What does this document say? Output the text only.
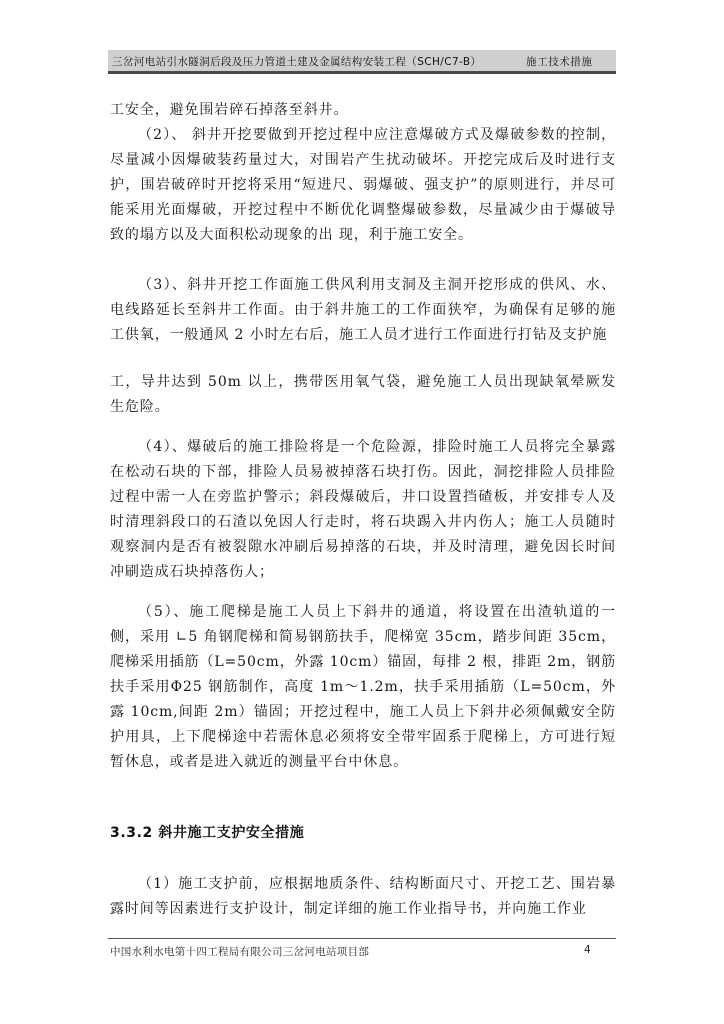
三岔河电站引水隧洞后段及压力管道土建及金属结构安装工程（SCH/C7-B）	施工技术措施

工安全，避免围岩碎石掉落至斜井。

（2）、 斜井开挖要做到开挖过程中应注意爆破方式及爆破参数的控制，尽量减小因爆破装药量过大，对围岩产生扰动破坏。开挖完成后及时进行支护，围岩破碎时开挖将采用“短进尺、弱爆破、强支护”的原则进行，并尽可能采用光面爆破，开挖过程中不断优化调整爆破参数，尽量减少由于爆破导致的塌方以及大面积松动现象的出 现，利于施工安全。

（3）、斜井开挖工作面施工供风利用支洞及主洞开挖形成的供风、水、电线路延长至斜井工作面。由于斜井施工的工作面狭窄，为确保有足够的施工供氧，一般通风 2 小时左右后，施工人员才进行工作面进行打钻及支护施

工，导井达到 50m 以上，携带医用氧气袋，避免施工人员出现缺氧晕厥发生危险。

（4）、爆破后的施工排险将是一个危险源，排险时施工人员将完全暴露在松动石块的下部，排险人员易被掉落石块打伤。因此，洞挖排险人员排险过程中需一人在旁监护警示；斜段爆破后，井口设置挡碴板，并安排专人及时清理斜段口的石渣以免因人行走时，将石块踢入井内伤人；施工人员随时观察洞内是否有被裂隙水冲刷后易掉落的石块，并及时清理，避免因长时间冲刷造成石块掉落伤人；

（5）、施工爬梯是施工人员上下斜井的通道，将设置在出渣轨道的一侧，采用 ∟5 角钢爬梯和简易钢筋扶手，爬梯宽 35cm，踏步间距 35cm，爬梯采用插筋（L=50cm，外露 10cm）锚固，每排 2 根，排距 2m，钢筋扶手采用Φ25 钢筋制作，高度 1m～1.2m，扶手采用插筋（L=50cm，外露 10cm,间距 2m）锚固；开挖过程中，施工人员上下斜井必须佩戴安全防护用具，上下爬梯途中若需休息必须将安全带牢固系于爬梯上，方可进行短暂休息，或者是进入就近的测量平台中休息。

3.3.2 斜井施工支护安全措施

（1）施工支护前，应根据地质条件、结构断面尺寸、开挖工艺、围岩暴露时间等因素进行支护设计，制定详细的施工作业指导书，并向施工作业

中国水利水电第十四工程局有限公司三岔河电站项目部	4
